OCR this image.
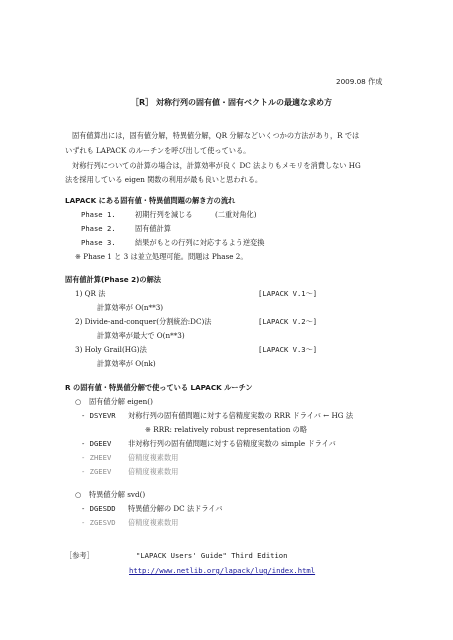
2009.08 作成
［R］ 対称行列の固有値・固有ベクトルの最適な求め方
固有値算出には，固有値分解，特異値分解，QR 分解などいくつかの方法があり，R では
いずれも LAPACK のルーチンを呼び出して使っている。
対称行列についての計算の場合は，計算効率が良く DC 法よりもメモリを消費しない HG
法を採用している eigen 関数の利用が最も良いと思われる。
LAPACK にある固有値・特異値問題の解き方の流れ
Phase 1.	初期行列を減じる	(二重対角化)
Phase 2.	固有値計算
Phase 3.	結果がもとの行列に対応するよう逆変換
※ Phase 1 と 3 は並立処理可能。問題は Phase 2。
固有値計算(Phase 2)の解法
1) QR 法	[LAPACK V.1～]
計算効率が O(n**3)
2) Divide-and-conquer(分割統治:DC)法	[LAPACK V.2～]
計算効率が最大で O(n**3)
3) Holy Grail(HG)法	[LAPACK V.3～]
計算効率が O(nk)
R の固有値・特異値分解で使っている LAPACK ルーチン
○ 固有値分解 eigen()
- DSYEVR 対称行列の固有値問題に対する倍精度実数の RRR ドライバ ← HG 法
※ RRR: relatively robust representation の略
- DGEEV 非対称行列の固有値問題に対する倍精度実数の simple ドライバ
- ZHEEV 倍精度複素数用
- ZGEEV 倍精度複素数用
○ 特異値分解 svd()
- DGESDD 特異値分解の DC 法ドライバ
- ZGESVD 倍精度複素数用
［参考］	"LAPACK Users' Guide" Third Edition
http://www.netlib.org/lapack/lug/index.html
